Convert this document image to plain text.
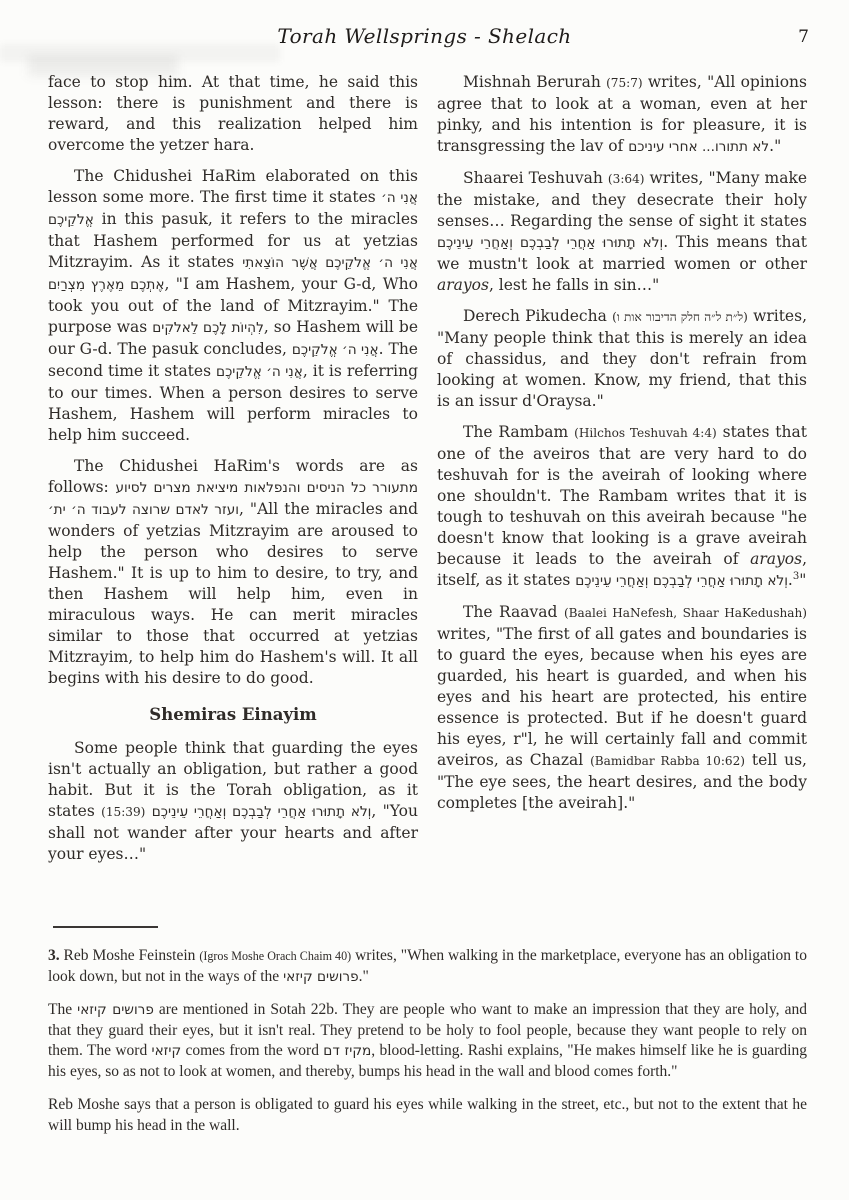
Torah Wellsprings - Shelach	7

face to stop him. At that time, he said this lesson: there is punishment and there is reward, and this realization helped him overcome the yetzer hara.

The Chidushei HaRim elaborated on this lesson some more. The first time it states אֲנִי ה׳ אֱלֹקֵיכֶם in this pasuk, it refers to the miracles that Hashem performed for us at yetzias Mitzrayim. As it states אֲנִי ה׳ אֱלֹקֵיכֶם אֲשֶׁר הוֹצֵאתִי אֶתְכֶם מֵאֶרֶץ מִצְרַיִם, "I am Hashem, your G-d, Who took you out of the land of Mitzrayim." The purpose was לִהְיוֹת לָכֶם לֵאלֹקִים, so Hashem will be our G-d. The pasuk concludes, אֲנִי ה׳ אֱלֹקֵיכֶם. The second time it states אֲנִי ה׳ אֱלֹקֵיכֶם, it is referring to our times. When a person desires to serve Hashem, Hashem will perform miracles to help him succeed.

The Chidushei HaRim's words are as follows: מתעורר כל הניסים והנפלאות מיציאת מצרים לסיוע ועזר לאדם שרוצה לעבוד ה׳ ית׳, "All the miracles and wonders of yetzias Mitzrayim are aroused to help the person who desires to serve Hashem." It is up to him to desire, to try, and then Hashem will help him, even in miraculous ways. He can merit miracles similar to those that occurred at yetzias Mitzrayim, to help him do Hashem's will. It all begins with his desire to do good.

Shemiras Einayim

Some people think that guarding the eyes isn't actually an obligation, but rather a good habit. But it is the Torah obligation, as it states (15:39) וְלֹא תָתוּרוּ אַחֲרֵי לְבַבְכֶם וְאַחֲרֵי עֵינֵיכֶם, "You shall not wander after your hearts and after your eyes…"

Mishnah Berurah (75:7) writes, "All opinions agree that to look at a woman, even at her pinky, and his intention is for pleasure, it is transgressing the lav of לא תתורו... אחרי עיניכם."

Shaarei Teshuvah (3:64) writes, "Many make the mistake, and they desecrate their holy senses… Regarding the sense of sight it states וְלֹא תָתוּרוּ אַחֲרֵי לְבַבְכֶם וְאַחֲרֵי עֵינֵיכֶם. This means that we mustn't look at married women or other arayos, lest he falls in sin…"

Derech Pikudecha (ל״ת ל״ה חלק הדיבור אות ו) writes, "Many people think that this is merely an idea of chassidus, and they don't refrain from looking at women. Know, my friend, that this is an issur d'Oraysa."

The Rambam (Hilchos Teshuvah 4:4) states that one of the aveiros that are very hard to do teshuvah for is the aveirah of looking where one shouldn't. The Rambam writes that it is tough to teshuvah on this aveirah because "he doesn't know that looking is a grave aveirah because it leads to the aveirah of arayos, itself, as it states וְלֹא תָתוּרוּ אַחֲרֵי לְבַבְכֶם וְאַחֲרֵי עֵינֵיכֶם.$^3$"

The Raavad (Baalei HaNefesh, Shaar HaKedushah) writes, "The first of all gates and boundaries is to guard the eyes, because when his eyes are guarded, his heart is guarded, and when his eyes and his heart are protected, his entire essence is protected. But if he doesn't guard his eyes, r"l, he will certainly fall and commit aveiros, as Chazal (Bamidbar Rabba 10:62) tell us, "The eye sees, the heart desires, and the body completes [the aveirah]."

3. Reb Moshe Feinstein (Igros Moshe Orach Chaim 40) writes, "When walking in the marketplace, everyone has an obligation to look down, but not in the ways of the פרושים קיזאי."

The פרושים קיזאי are mentioned in Sotah 22b. They are people who want to make an impression that they are holy, and that they guard their eyes, but it isn't real. They pretend to be holy to fool people, because they want people to rely on them. The word קיזאי comes from the word מקיז דם, blood-letting. Rashi explains, "He makes himself like he is guarding his eyes, so as not to look at women, and thereby, bumps his head in the wall and blood comes forth."

Reb Moshe says that a person is obligated to guard his eyes while walking in the street, etc., but not to the extent that he will bump his head in the wall.
